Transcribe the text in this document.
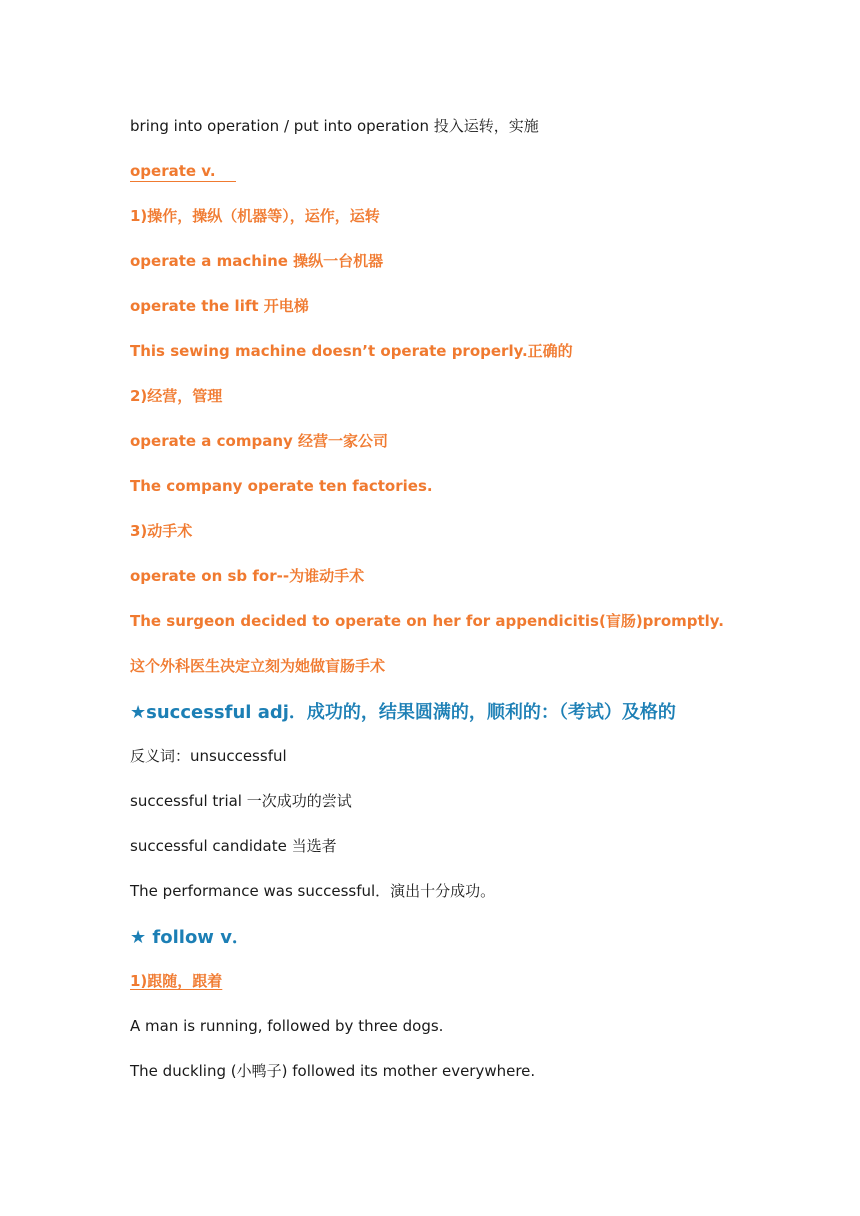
bring into operation / put into operation 投入运转，实施
operate v.
1)操作，操纵（机器等），运作，运转
operate a machine 操纵一台机器
operate the lift 开电梯
This sewing machine doesn’t operate properly.正确的
2)经营，管理
operate a company 经营一家公司
The company operate ten factories.
3)动手术
operate on sb for--为谁动手术
The surgeon decided to operate on her for appendicitis(盲肠)promptly.
这个外科医生决定立刻为她做盲肠手术
★successful adj．成功的，结果圆满的，顺利的：（考试）及格的
反义词：unsuccessful
successful trial 一次成功的尝试
successful candidate 当选者
The performance was successful．演出十分成功。
★ follow v．
1)跟随，跟着
A man is running, followed by three dogs.
The duckling (小鸭子) followed its mother everywhere.
